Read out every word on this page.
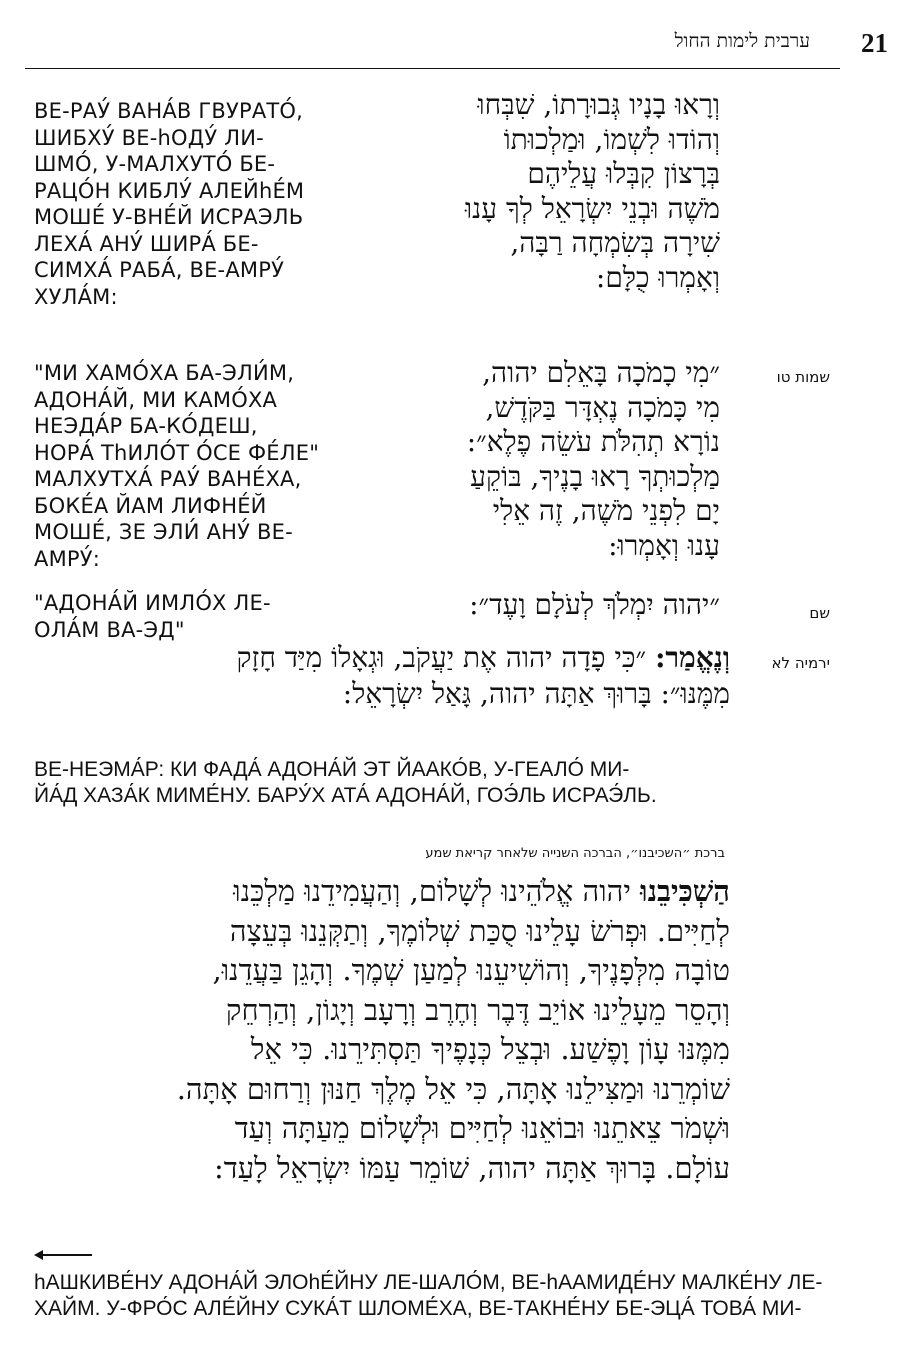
21
ערבית לימות החול
ВЕ-РАУ́ ВАНА́В ГВУРАТО́,
ШИБХУ́ ВЕ-hОДУ́ ЛИ-
ШМО́, У-МАЛХУТО́ БЕ-
РАЦО́Н КИБЛУ́ АЛЕЙhЕ́М
МОШЕ́ У-ВНЕ́Й ИСРАЭЛЬ
ЛЕХА́ АНУ́ ШИРА́ БЕ-
СИМХА́ РАБА́, ВЕ-АМРУ́
ХУЛА́М:
"МИ ХАМО́ХА БА-ЭЛИ́М,
АДОНА́Й, МИ КАМО́ХА
НЕЭДА́Р БА-КО́ДЕШ,
НОРА́ ТhИЛО́Т О́СЕ ФЕ́ЛЕ"
МАЛХУТХА́ РАУ́ ВАНЕ́ХА,
БОКЕ́А ЙАМ ЛИФНЕ́Й
МОШЕ́, ЗЕ ЭЛИ́ АНУ́ ВЕ-
АМРУ́:
"АДОНА́Й ИМЛО́Х ЛЕ-
ОЛА́М ВА-ЭД"
וְרָאוּ בָנָיו גְּבוּרָתוֹ, שִׁבְּחוּ
וְהוֹדוּ לִשְׁמוֹ, וּמַלְכוּתוֹ
בְּרָצוֹן קִבְּלוּ עֲלֵיהֶם
מֹשֶׁה וּבְנֵי יִשְׂרָאֵל לְךָ עָנוּ
שִׁירָה בְּשִׂמְחָה רַבָּה,
וְאָמְרוּ כֻלָּם:
״מִי כָמֹכָה בָּאֵלִם יהוה,
מִי כָּמֹכָה נֶאְדָּר בַּקֹּדֶשׁ,
נוֹרָא תְהִלֹּת עֹשֵׂה פֶלֶא״:
מַלְכוּתְךָ רָאוּ בָנֶיךָ, בּוֹקֵעַ
יָם לִפְנֵי מֹשֶׁה, זֶה אֵלִי
עָנוּ וְאָמְרוּ:
״יהוה יִמְלֹךְ לְעֹלָם וָעֶד״:
שמות טו
שם
ירמיה לא
וְנֶאֱמַר: ״כִּי פָדָה יהוה אֶת יַעֲקֹב, וּגְאָלוֹ מִיַּד חָזָק
מִמֶּנּוּ״: בָּרוּךְ אַתָּה יהוה, גָּאַל יִשְׂרָאֵל:
ВЕ-НЕЭМА́Р: КИ ФАДА́ АДОНА́Й ЭТ ЙААКО́В, У-ГЕАЛО́ МИ-
ЙА́Д ХАЗА́К МИМЕ́НУ. БАРУ́Х АТА́ АДОНА́Й, ГОЭ́ЛЬ ИСРАЭ́ЛЬ.
ברכת ״השכיבנו״, הברכה השנייה שלאחר קריאת שמע
הַשְׁכִּיבֵנוּ יהוה אֱלֹהֵינוּ לְשָׁלוֹם, וְהַעֲמִידֵנוּ מַלְכֵּנוּ
לְחַיִּים. וּפְרֹשׂ עָלֵינוּ סֻכַּת שְׁלוֹמֶךָ, וְתַקְּנֵנוּ בְּעֵצָה
טוֹבָה מִלְּפָנֶיךָ, וְהוֹשִׁיעֵנוּ לְמַעַן שְׁמֶךָ. וְהָגֵן בַּעֲדֵנוּ,
וְהָסֵר מֵעָלֵינוּ אוֹיֵב דֶּבֶר וְחֶרֶב וְרָעָב וְיָגוֹן, וְהַרְחֵק
מִמֶּנּוּ עָוֹן וָפֶשַׁע. וּבְצֵל כְּנָפֶיךָ תַּסְתִּירֵנוּ. כִּי אֵל
שׁוֹמְרֵנוּ וּמַצִּילֵנוּ אָתָּה, כִּי אֵל מֶלֶךְ חַנּוּן וְרַחוּם אָתָּה.
וּשְׁמֹר צֵאתֵנוּ וּבוֹאֵנוּ לְחַיִּים וּלְשָׁלוֹם מֵעַתָּה וְעַד
עוֹלָם. בָּרוּךְ אַתָּה יהוה, שׁוֹמֵר עַמּוֹ יִשְׂרָאֵל לָעַד:
hАШКИВЕ́НУ АДОНА́Й ЭЛОhЕ́ЙНУ ЛЕ-ШАЛО́М, ВЕ-hААМИДЕ́НУ МАЛКЕ́НУ ЛЕ-
ХАЙМ. У-ФРО́С АЛЕ́ЙНУ СУКА́Т ШЛОМЕ́ХА, ВЕ-ТАКНЕ́НУ БЕ-ЭЦА́ ТОВА́ МИ-
